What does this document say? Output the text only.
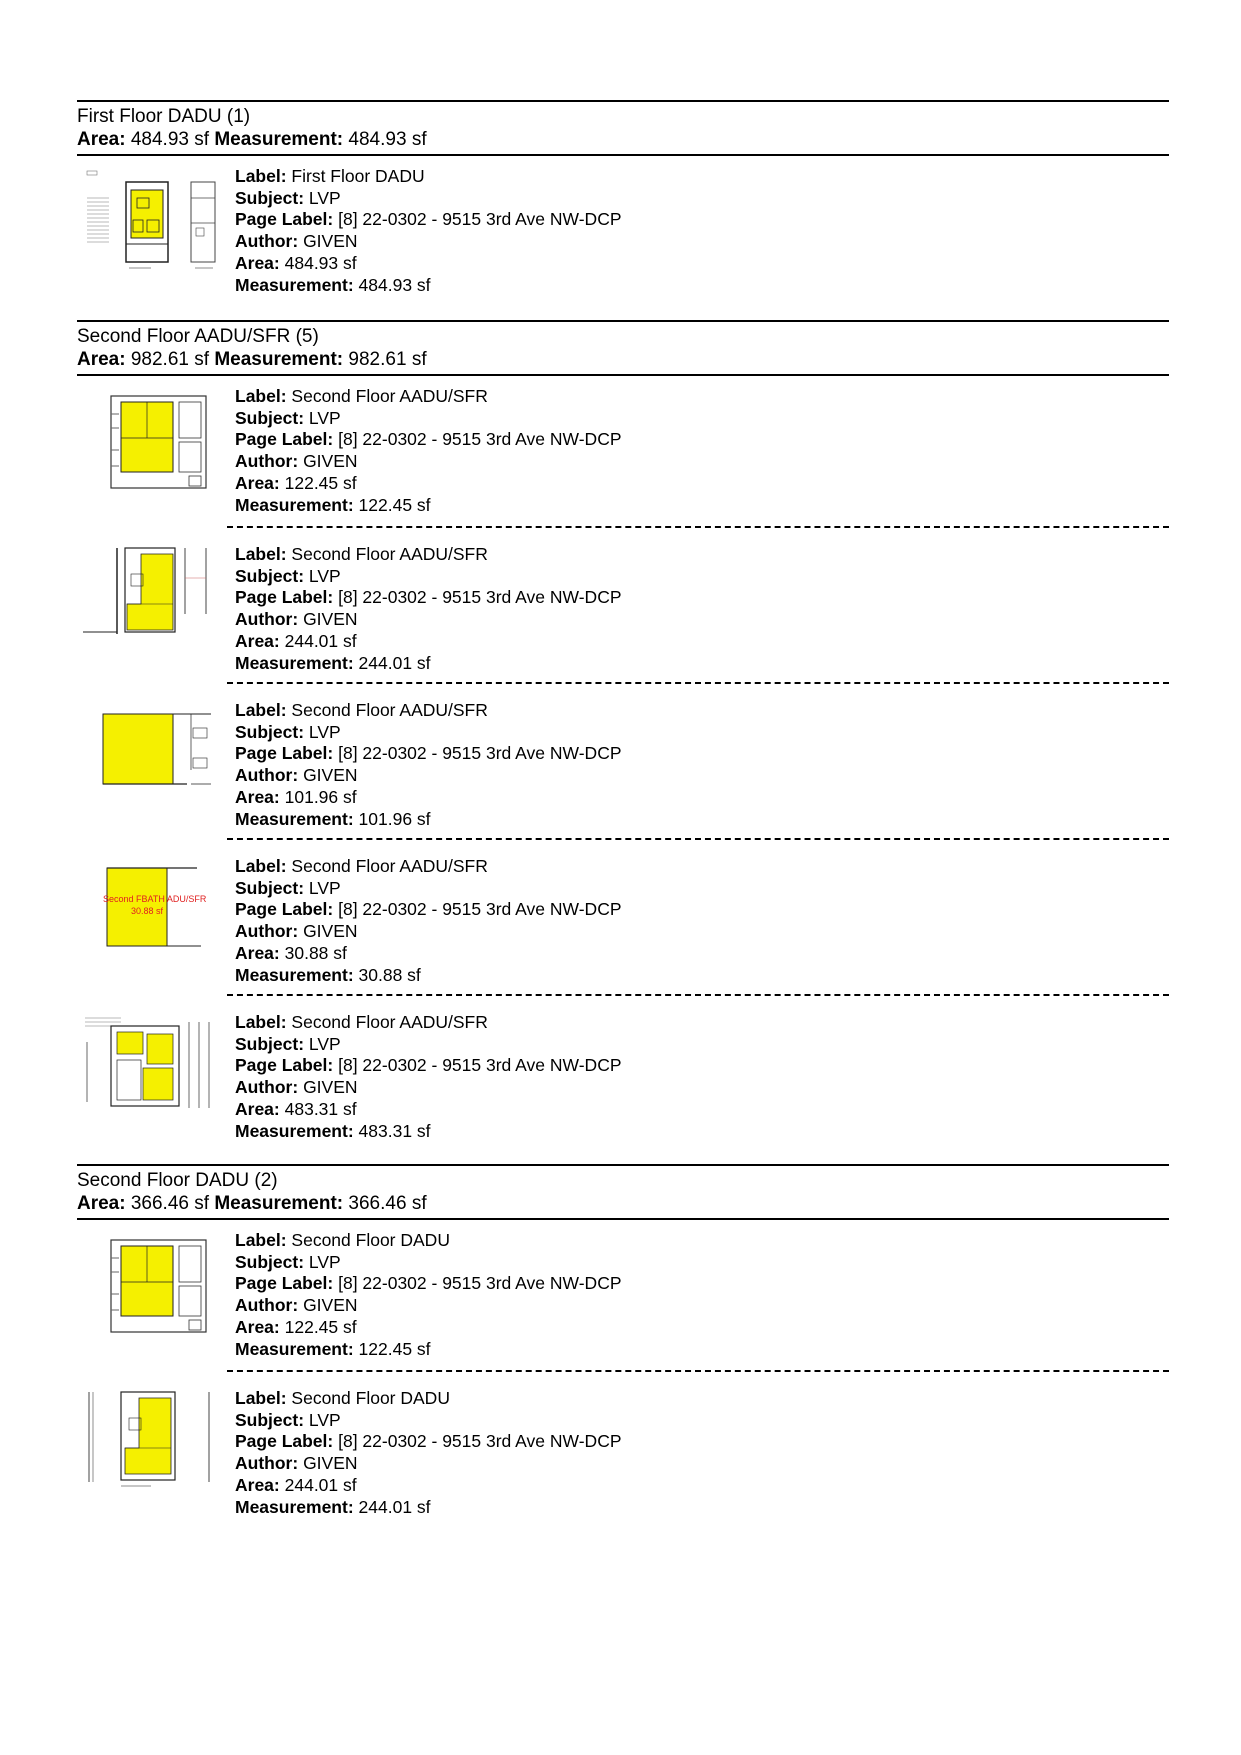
First Floor DADU (1)
Area: 484.93 sf Measurement: 484.93 sf
Label: First Floor DADU
Subject: LVP
Page Label: [8] 22-0302 - 9515 3rd Ave NW-DCP
Author: GIVEN
Area: 484.93 sf
Measurement: 484.93 sf
Second Floor AADU/SFR (5)
Area: 982.61 sf Measurement: 982.61 sf
Label: Second Floor AADU/SFR
Subject: LVP
Page Label: [8] 22-0302 - 9515 3rd Ave NW-DCP
Author: GIVEN
Area: 122.45 sf
Measurement: 122.45 sf
Label: Second Floor AADU/SFR
Subject: LVP
Page Label: [8] 22-0302 - 9515 3rd Ave NW-DCP
Author: GIVEN
Area: 244.01 sf
Measurement: 244.01 sf
Label: Second Floor AADU/SFR
Subject: LVP
Page Label: [8] 22-0302 - 9515 3rd Ave NW-DCP
Author: GIVEN
Area: 101.96 sf
Measurement: 101.96 sf
Second FBATH ADU/SFR
30.88 sf
Label: Second Floor AADU/SFR
Subject: LVP
Page Label: [8] 22-0302 - 9515 3rd Ave NW-DCP
Author: GIVEN
Area: 30.88 sf
Measurement: 30.88 sf
Label: Second Floor AADU/SFR
Subject: LVP
Page Label: [8] 22-0302 - 9515 3rd Ave NW-DCP
Author: GIVEN
Area: 483.31 sf
Measurement: 483.31 sf
Second Floor DADU (2)
Area: 366.46 sf Measurement: 366.46 sf
Label: Second Floor DADU
Subject: LVP
Page Label: [8] 22-0302 - 9515 3rd Ave NW-DCP
Author: GIVEN
Area: 122.45 sf
Measurement: 122.45 sf
Label: Second Floor DADU
Subject: LVP
Page Label: [8] 22-0302 - 9515 3rd Ave NW-DCP
Author: GIVEN
Area: 244.01 sf
Measurement: 244.01 sf
